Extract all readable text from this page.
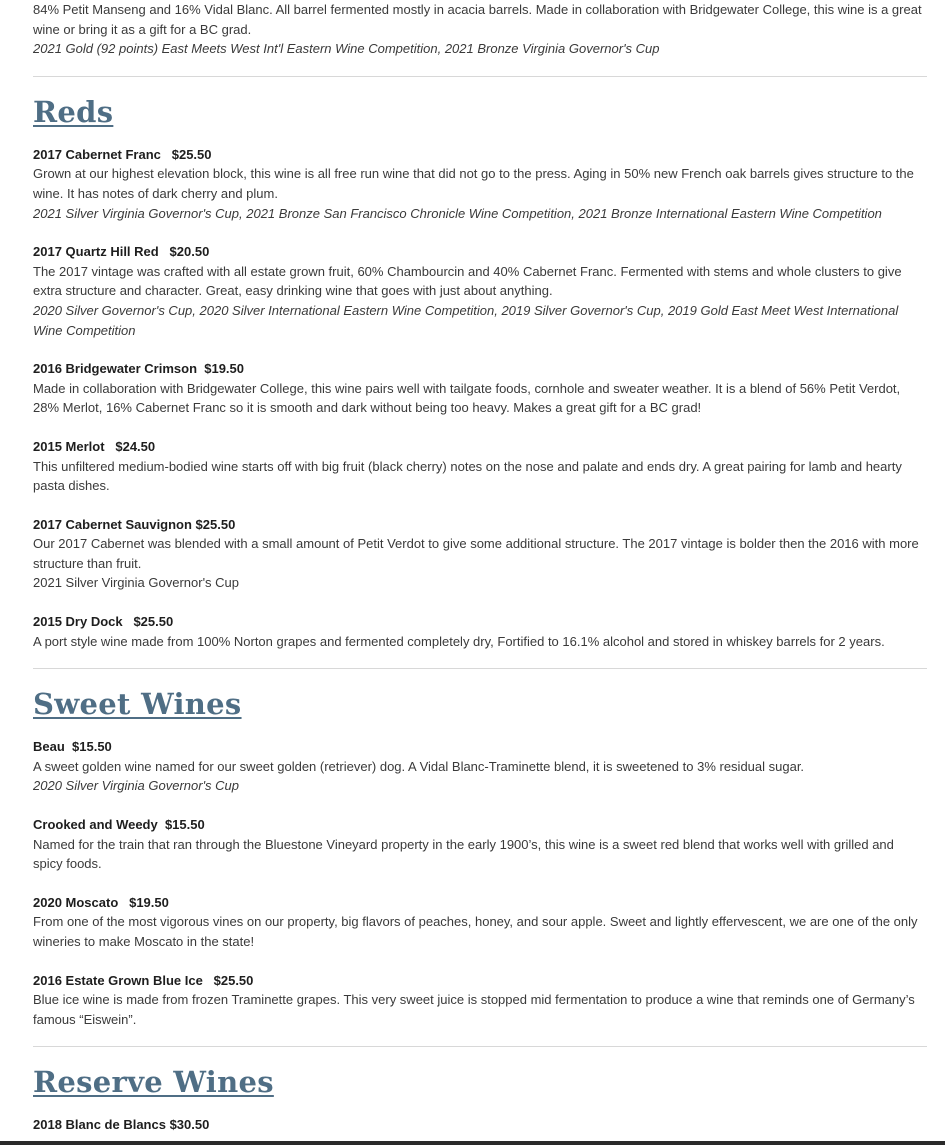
84% Petit Manseng and 16% Vidal Blanc. All barrel fermented mostly in acacia barrels. Made in collaboration with Bridgewater College, this wine is a great wine or bring it as a gift for a BC grad.

2021 Gold (92 points) East Meets West Int'l Eastern Wine Competition, 2021 Bronze Virginia Governor's Cup

Reds
2017 Cabernet Franc   $25.50

Grown at our highest elevation block, this wine is all free run wine that did not go to the press. Aging in 50% new French oak barrels gives structure to the wine. It has notes of dark cherry and plum.

2021 Silver Virginia Governor's Cup, 2021 Bronze San Francisco Chronicle Wine Competition, 2021 Bronze International Eastern Wine Competition

2017 Quartz Hill Red   $20.50

The 2017 vintage was crafted with all estate grown fruit, 60% Chambourcin and 40% Cabernet Franc. Fermented with stems and whole clusters to give extra structure and character. Great, easy drinking wine that goes with just about anything.

2020 Silver Governor's Cup, 2020 Silver International Eastern Wine Competition, 2019 Silver Governor's Cup, 2019 Gold East Meet West International Wine Competition

2016 Bridgewater Crimson  $19.50

Made in collaboration with Bridgewater College, this wine pairs well with tailgate foods, cornhole and sweater weather. It is a blend of 56% Petit Verdot, 28% Merlot, 16% Cabernet Franc so it is smooth and dark without being too heavy. Makes a great gift for a BC grad!

2015 Merlot   $24.50

This unfiltered medium-bodied wine starts off with big fruit (black cherry) notes on the nose and palate and ends dry. A great pairing for lamb and hearty pasta dishes.

2017 Cabernet Sauvignon $25.50

Our 2017 Cabernet was blended with a small amount of Petit Verdot to give some additional structure. The 2017 vintage is bolder then the 2016 with more structure than fruit.

2021 Silver Virginia Governor's Cup

2015 Dry Dock   $25.50

A port style wine made from 100% Norton grapes and fermented completely dry, Fortified to 16.1% alcohol and stored in whiskey barrels for 2 years.

Sweet Wines
Beau  $15.50

A sweet golden wine named for our sweet golden (retriever) dog. A Vidal Blanc-Traminette blend, it is sweetened to 3% residual sugar.

2020 Silver Virginia Governor's Cup

Crooked and Weedy  $15.50

Named for the train that ran through the Bluestone Vineyard property in the early 1900’s, this wine is a sweet red blend that works well with grilled and spicy foods.

2020 Moscato   $19.50

From one of the most vigorous vines on our property, big flavors of peaches, honey, and sour apple. Sweet and lightly effervescent, we are one of the only wineries to make Moscato in the state!

2016 Estate Grown Blue Ice   $25.50

Blue ice wine is made from frozen Traminette grapes. This very sweet juice is stopped mid fermentation to produce a wine that reminds one of Germany’s famous “Eiswein”.

Reserve Wines
2018 Blanc de Blancs $30.50
